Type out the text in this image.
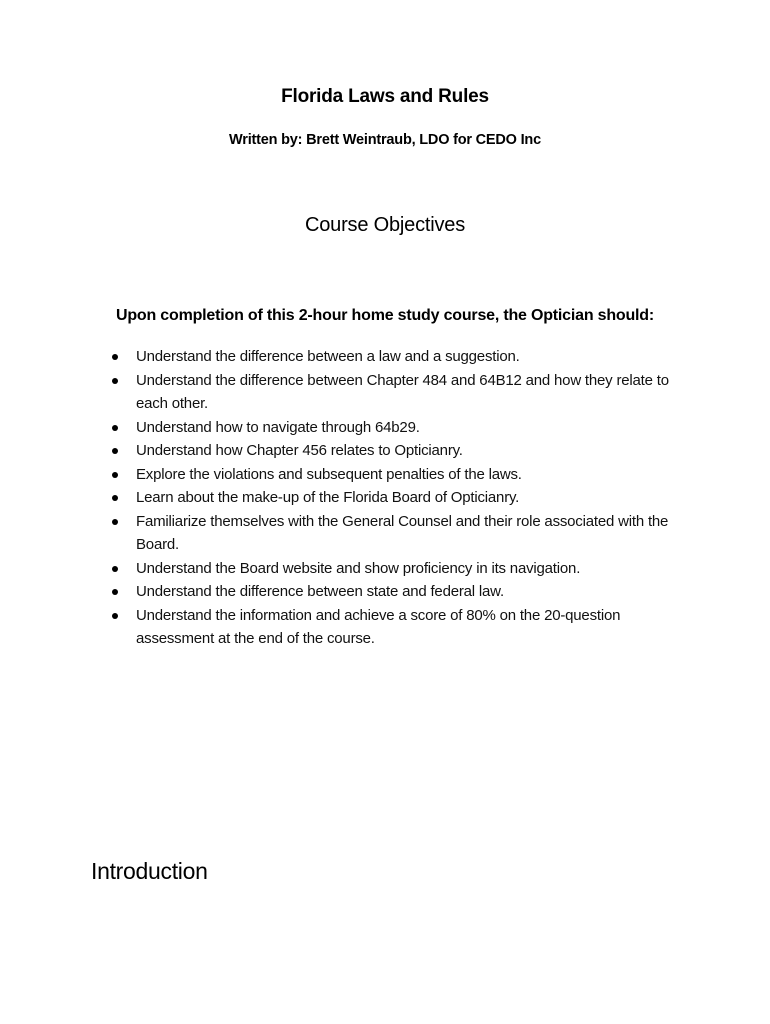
Florida Laws and Rules
Written by: Brett Weintraub, LDO for CEDO Inc
Course Objectives
Upon completion of this 2-hour home study course, the Optician should:
Understand the difference between a law and a suggestion.
Understand the difference between Chapter 484 and 64B12 and how they relate to each other.
Understand how to navigate through 64b29.
Understand how Chapter 456 relates to Opticianry.
Explore the violations and subsequent penalties of the laws.
Learn about the make-up of the Florida Board of Opticianry.
Familiarize themselves with the General Counsel and their role associated with the Board.
Understand the Board website and show proficiency in its navigation.
Understand the difference between state and federal law.
Understand the information and achieve a score of 80% on the 20-question assessment at the end of the course.
Introduction
